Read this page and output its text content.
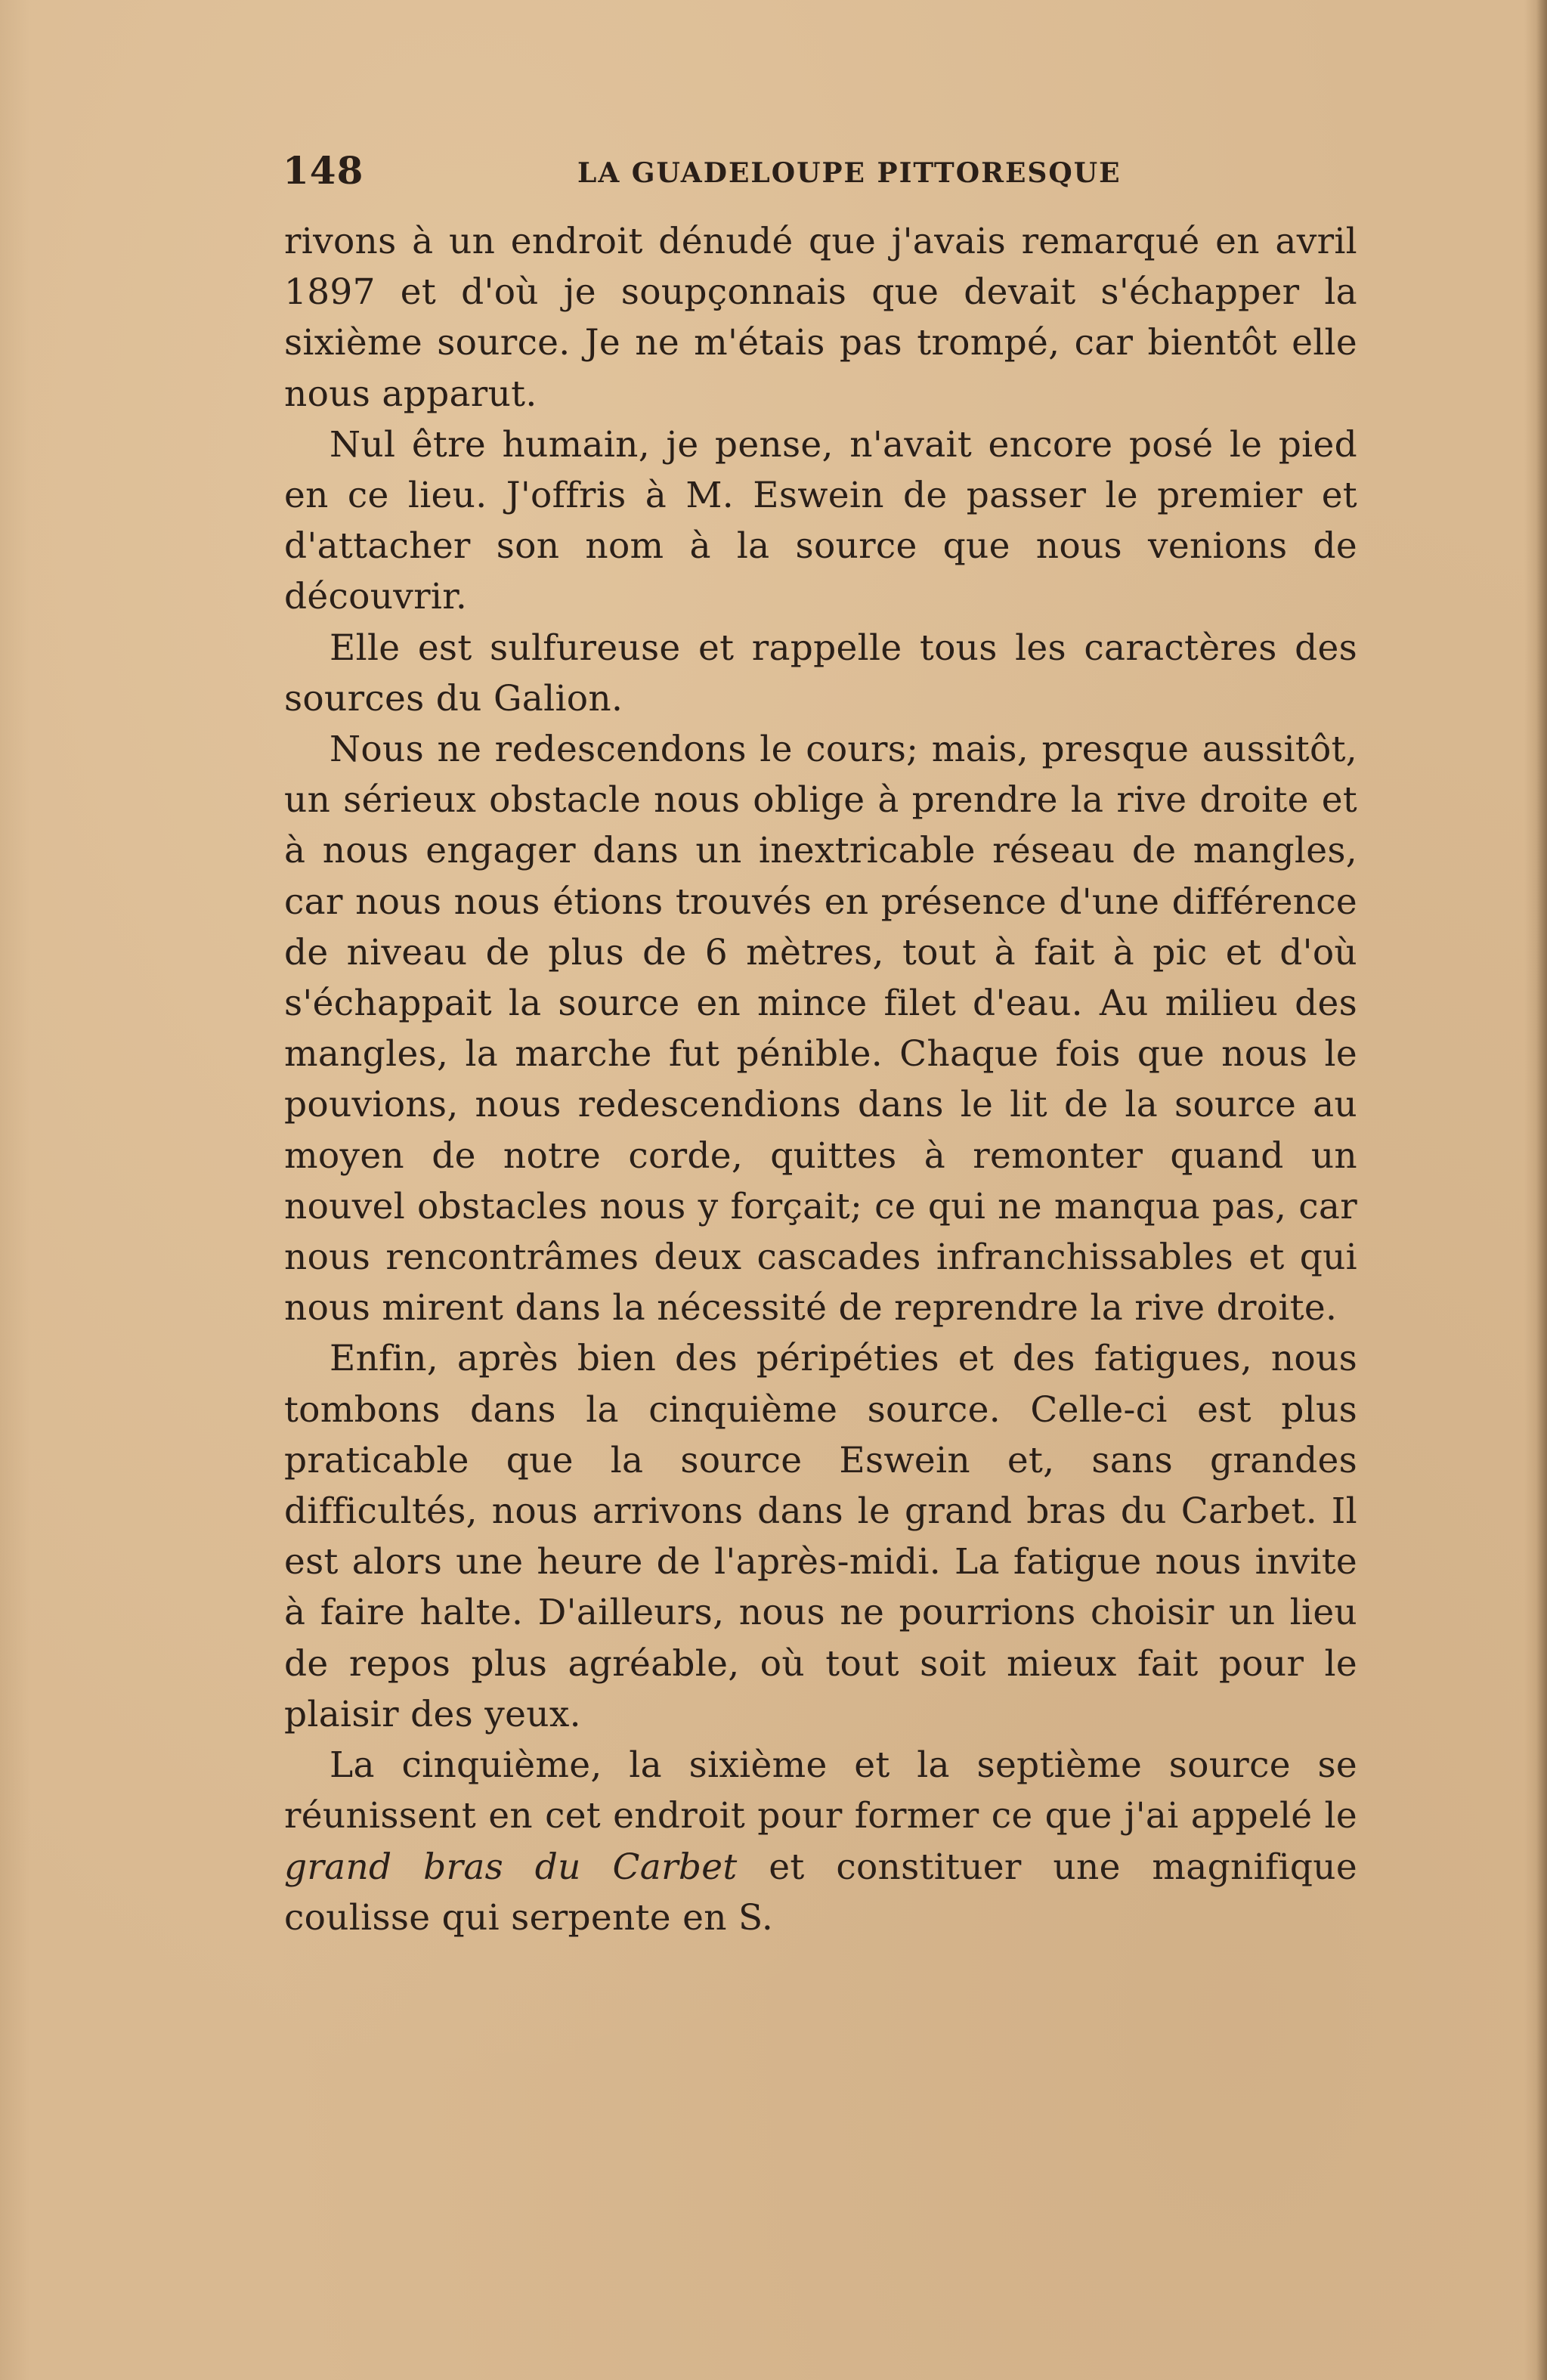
148	LA GUADELOUPE PITTORESQUE

rivons à un endroit dénudé que j'avais remarqué en avril 1897 et d'où je soupçonnais que devait s'échapper la sixième source. Je ne m'étais pas trompé, car bientôt elle nous apparut.

Nul être humain, je pense, n'avait encore posé le pied en ce lieu. J'offris à M. Eswein de passer le premier et d'attacher son nom à la source que nous venions de découvrir.

Elle est sulfureuse et rappelle tous les caractères des sources du Galion.

Nous ne redescendons le cours; mais, presque aussitôt, un sérieux obstacle nous oblige à prendre la rive droite et à nous engager dans un inextricable réseau de mangles, car nous nous étions trouvés en présence d'une différence de niveau de plus de 6 mètres, tout à fait à pic et d'où s'échappait la source en mince filet d'eau. Au milieu des mangles, la marche fut pénible. Chaque fois que nous le pouvions, nous redescendions dans le lit de la source au moyen de notre corde, quittes à remonter quand un nouvel obstacles nous y forçait; ce qui ne manqua pas, car nous rencontrâmes deux cascades infranchissables et qui nous mirent dans la nécessité de reprendre la rive droite.

Enfin, après bien des péripéties et des fatigues, nous tombons dans la cinquième source. Celle-ci est plus praticable que la source Eswein et, sans grandes difficultés, nous arrivons dans le grand bras du Carbet. Il est alors une heure de l'après-midi. La fatigue nous invite à faire halte. D'ailleurs, nous ne pourrions choisir un lieu de repos plus agréable, où tout soit mieux fait pour le plaisir des yeux.

La cinquième, la sixième et la septième source se réunissent en cet endroit pour former ce que j'ai appelé le grand bras du Carbet et constituer une magnifique coulisse qui serpente en S.
